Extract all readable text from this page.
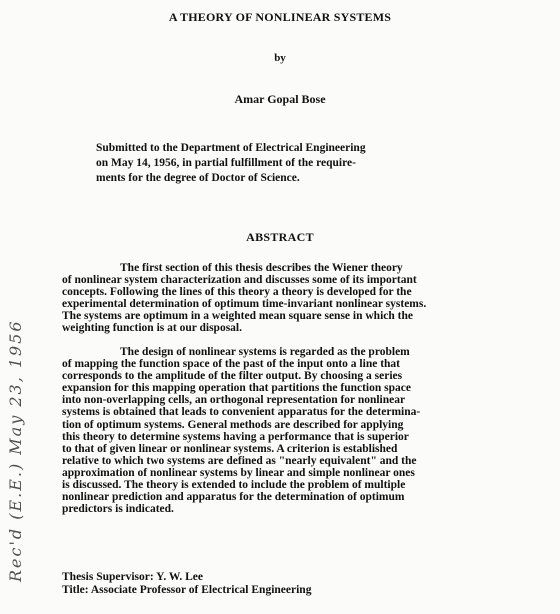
A THEORY OF NONLINEAR SYSTEMS
by
Amar Gopal Bose
Submitted to the Department of Electrical Engineering
on May 14, 1956, in partial fulfillment of the require-
ments for the degree of Doctor of Science.
ABSTRACT
The first section of this thesis describes the Wiener theory
of nonlinear system characterization and discusses some of its important
concepts. Following the lines of this theory a theory is developed for the
experimental determination of optimum time-invariant nonlinear systems.
The systems are optimum in a weighted mean square sense in which the
weighting function is at our disposal.
The design of nonlinear systems is regarded as the problem
of mapping the function space of the past of the input onto a line that
corresponds to the amplitude of the filter output. By choosing a series
expansion for this mapping operation that partitions the function space
into non-overlapping cells, an orthogonal representation for nonlinear
systems is obtained that leads to convenient apparatus for the determina-
tion of optimum systems. General methods are described for applying
this theory to determine systems having a performance that is superior
to that of given linear or nonlinear systems. A criterion is established
relative to which two systems are defined as "nearly equivalent" and the
approximation of nonlinear systems by linear and simple nonlinear ones
is discussed. The theory is extended to include the problem of multiple
nonlinear prediction and apparatus for the determination of optimum
predictors is indicated.
Thesis Supervisor: Y. W. Lee
Title: Associate Professor of Electrical Engineering
Rec'd (E.E.) May 23, 1956
